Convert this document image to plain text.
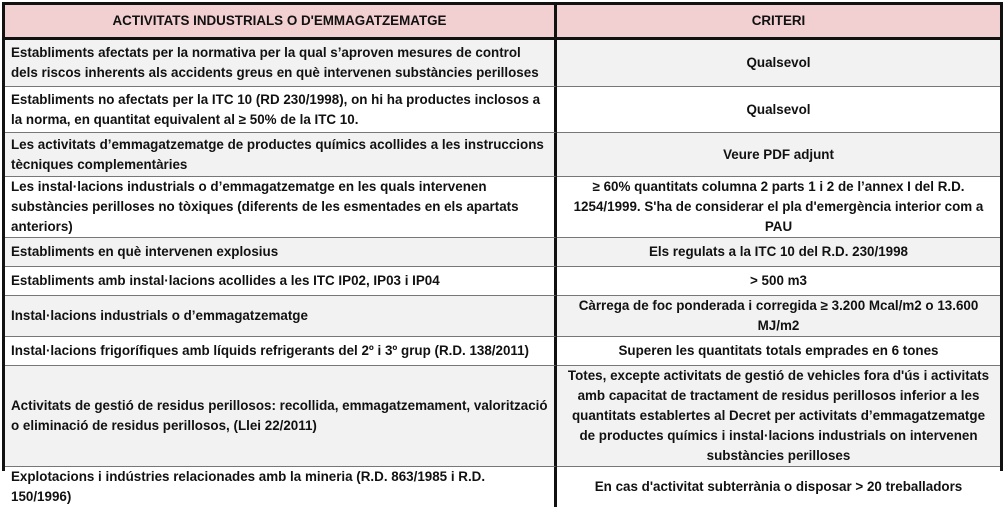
ACTIVITATS INDUSTRIALS O D'EMMAGATZEMATGE	CRITERI
Establiments afectats per la normativa per la qual s’aproven mesures de control dels riscos inherents als accidents greus en què intervenen substàncies perilloses	Qualsevol
Establiments no afectats per la ITC 10 (RD 230/1998), on hi ha productes inclosos a la norma, en quantitat equivalent al ≥ 50% de la ITC 10.	Qualsevol
Les activitats d’emmagatzematge de productes químics acollides a les instruccions tècniques complementàries	Veure PDF adjunt
Les instal·lacions industrials o d’emmagatzematge en les quals intervenen substàncies perilloses no tòxiques (diferents de les esmentades en els apartats anteriors)	≥ 60% quantitats columna 2 parts 1 i 2 de l’annex I del R.D. 1254/1999. S'ha de considerar el pla d'emergència interior com a PAU
Establiments en què intervenen explosius	Els regulats a la ITC 10 del R.D. 230/1998
Establiments amb instal·lacions acollides a les ITC IP02, IP03 i IP04	> 500 m3
Instal·lacions industrials o d’emmagatzematge	Càrrega de foc ponderada i corregida ≥ 3.200 Mcal/m2 o 13.600 MJ/m2
Instal·lacions frigorífiques amb líquids refrigerants del 2º i 3º grup (R.D. 138/2011)	Superen les quantitats totals emprades en 6 tones
Activitats de gestió de residus perillosos: recollida, emmagatzemament, valorització o eliminació de residus perillosos, (Llei 22/2011)	Totes, excepte activitats de gestió de vehicles fora d'ús i activitats amb capacitat de tractament de residus perillosos inferior a les quantitats establertes al Decret per activitats d’emmagatzematge de productes químics i instal·lacions industrials on intervenen substàncies perilloses
Explotacions i indústries relacionades amb la mineria (R.D. 863/1985 i R.D. 150/1996)	En cas d'activitat subterrània o disposar > 20 treballadors
